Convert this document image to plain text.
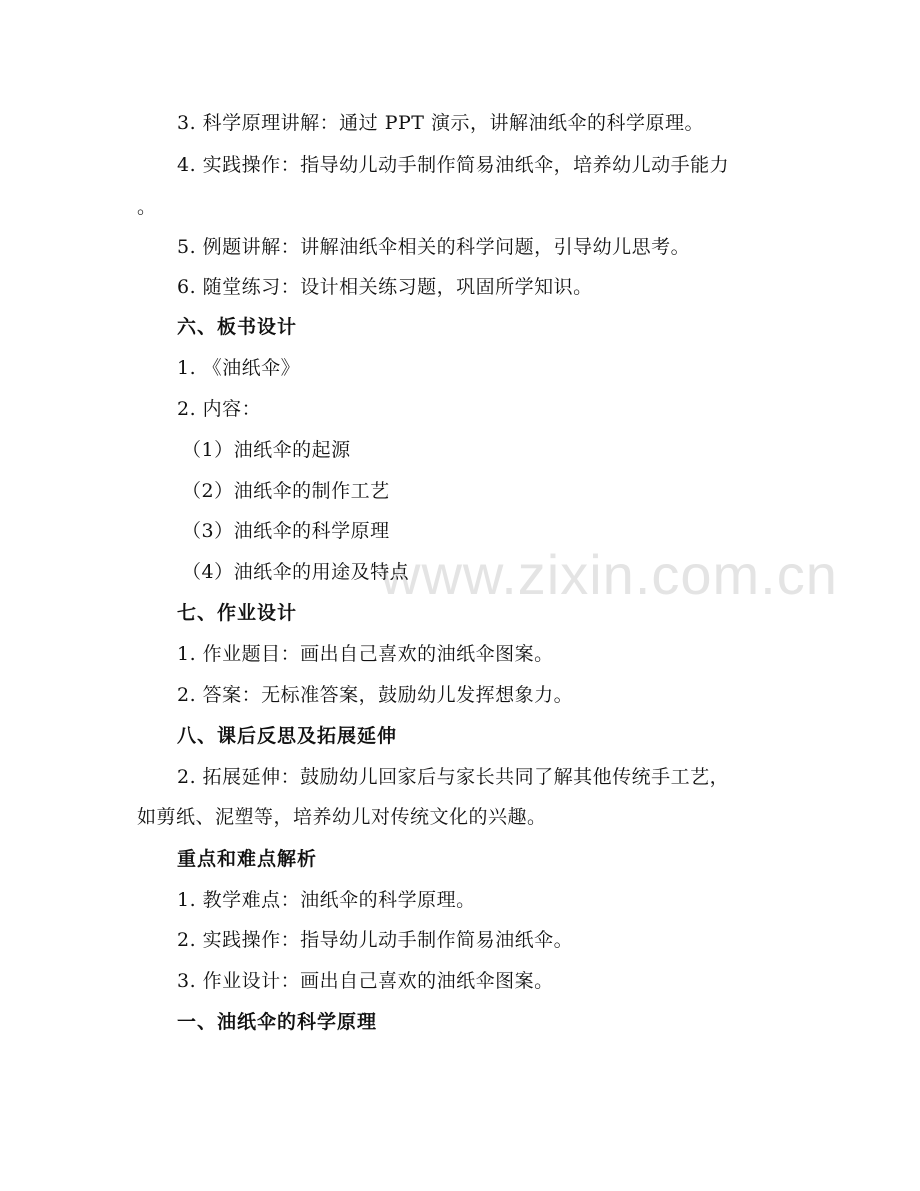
www.zixin.com.cn
3. 科学原理讲解：通过 PPT 演示，讲解油纸伞的科学原理。
4. 实践操作：指导幼儿动手制作简易油纸伞，培养幼儿动手能力
。
5. 例题讲解：讲解油纸伞相关的科学问题，引导幼儿思考。
6. 随堂练习：设计相关练习题，巩固所学知识。
六、板书设计
1. 《油纸伞》
2. 内容：
（1）油纸伞的起源
（2）油纸伞的制作工艺
（3）油纸伞的科学原理
（4）油纸伞的用途及特点
七、作业设计
1. 作业题目：画出自己喜欢的油纸伞图案。
2. 答案：无标准答案，鼓励幼儿发挥想象力。
八、课后反思及拓展延伸
2. 拓展延伸：鼓励幼儿回家后与家长共同了解其他传统手工艺，
如剪纸、泥塑等，培养幼儿对传统文化的兴趣。
重点和难点解析
1. 教学难点：油纸伞的科学原理。
2. 实践操作：指导幼儿动手制作简易油纸伞。
3. 作业设计：画出自己喜欢的油纸伞图案。
一、油纸伞的科学原理
